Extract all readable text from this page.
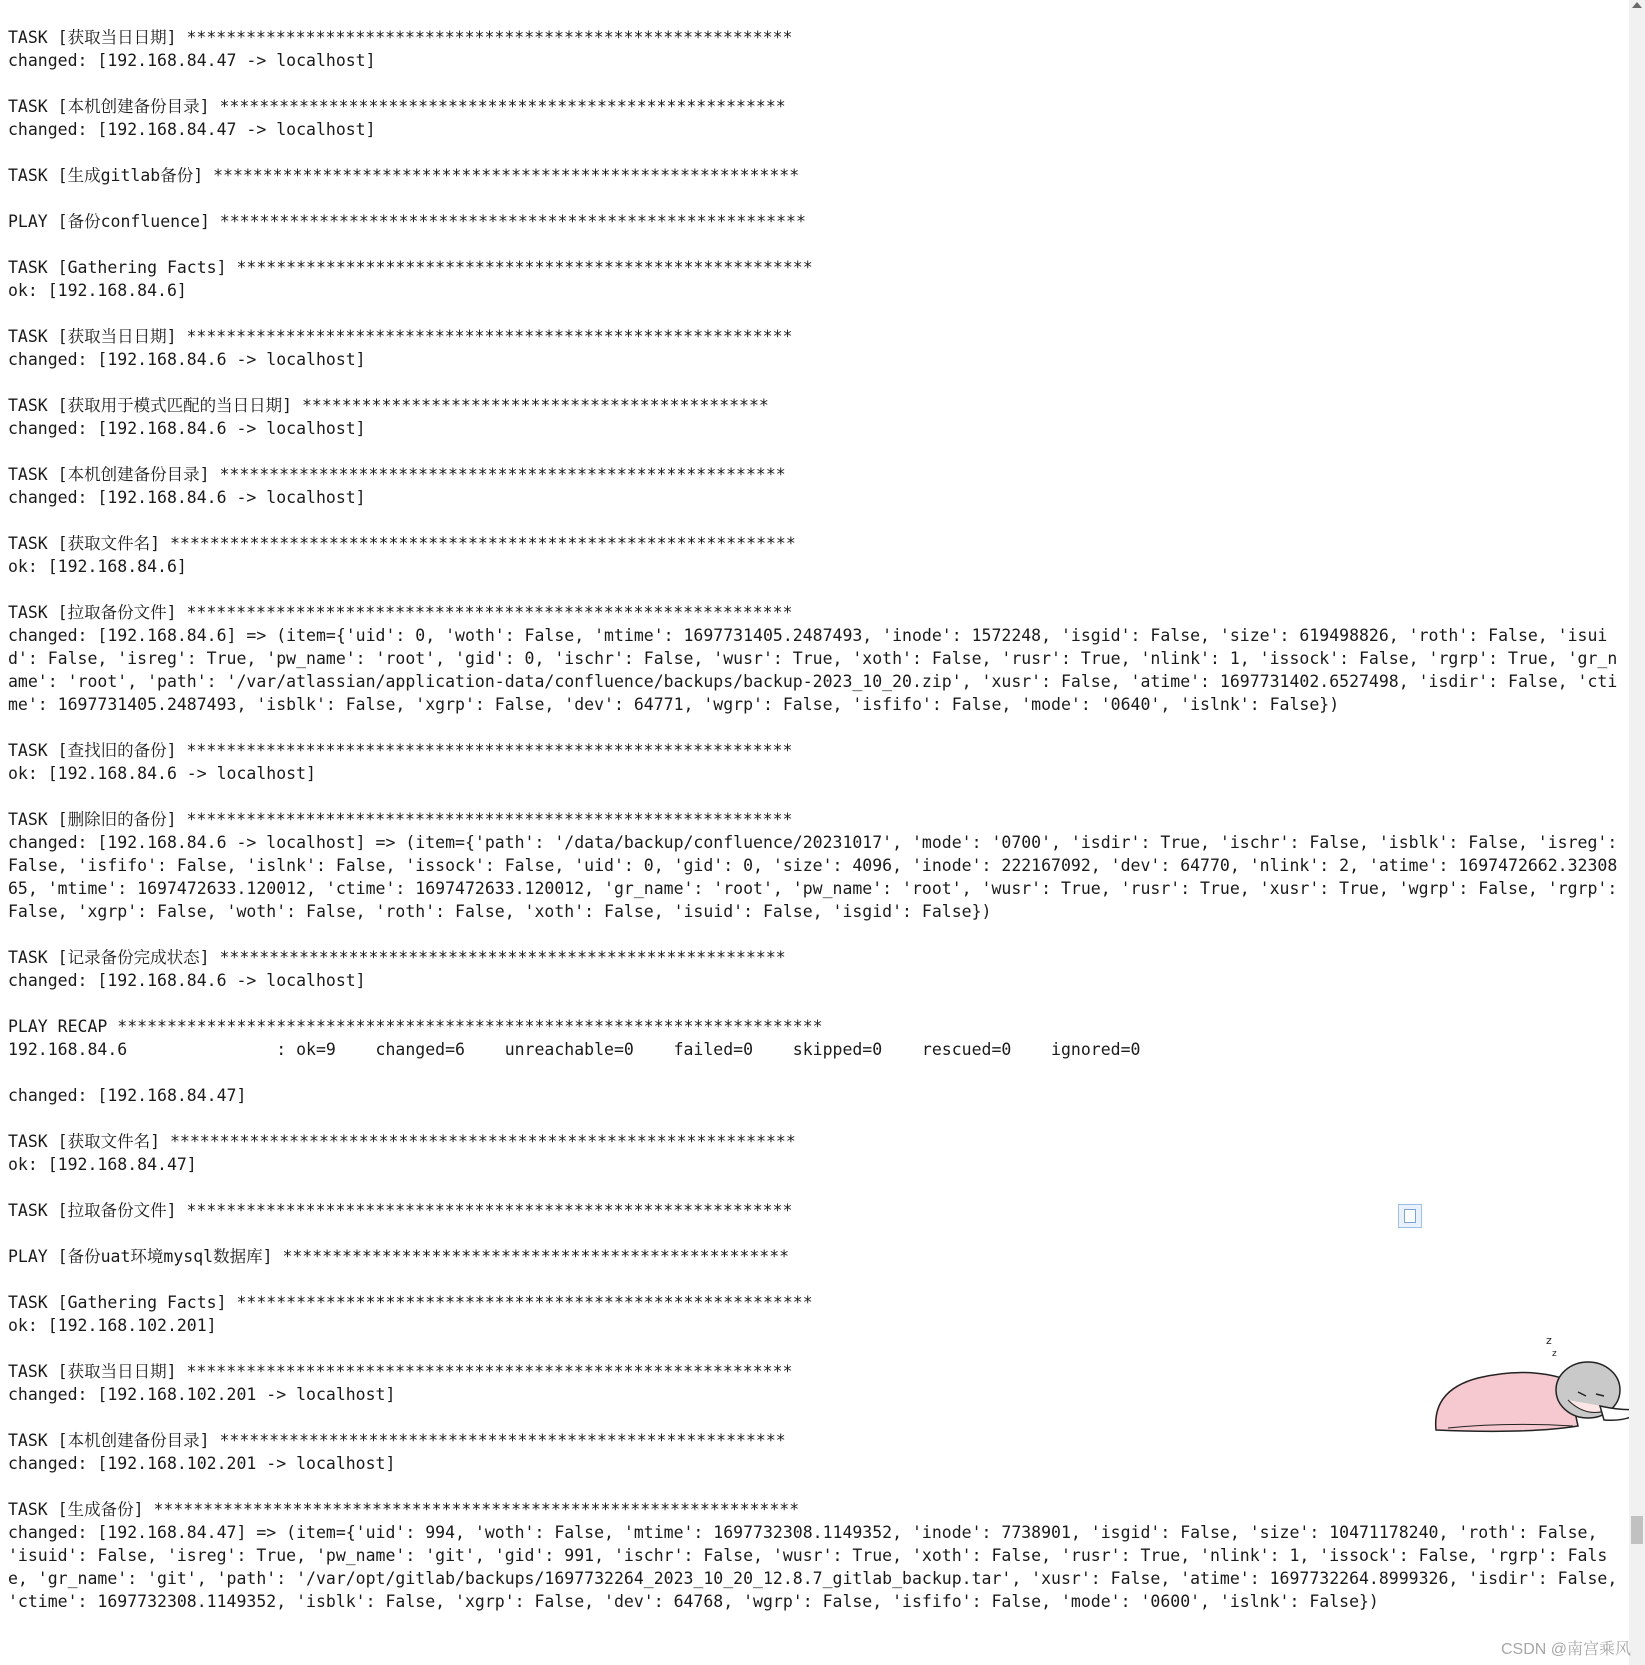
TASK [获取当日日期] *************************************************************
changed: [192.168.84.47 -> localhost]
TASK [本机创建备份目录] *********************************************************
changed: [192.168.84.47 -> localhost]
TASK [生成gitlab备份] ***********************************************************
PLAY [备份confluence] ***********************************************************
TASK [Gathering Facts] **********************************************************
ok: [192.168.84.6]
TASK [获取当日日期] *************************************************************
changed: [192.168.84.6 -> localhost]
TASK [获取用于模式匹配的当日日期] ***********************************************
changed: [192.168.84.6 -> localhost]
TASK [本机创建备份目录] *********************************************************
changed: [192.168.84.6 -> localhost]
TASK [获取文件名] ***************************************************************
ok: [192.168.84.6]
TASK [拉取备份文件] *************************************************************
changed: [192.168.84.6] => (item={'uid': 0, 'woth': False, 'mtime': 1697731405.2487493, 'inode': 1572248, 'isgid': False, 'size': 619498826, 'roth': False, 'isuid': False, 'isreg': True, 'pw_name': 'root', 'gid': 0, 'ischr': False, 'wusr': True, 'xoth': False, 'rusr': True, 'nlink': 1, 'issock': False, 'rgrp': True, 'gr_name': 'root', 'path': '/var/atlassian/application-data/confluence/backups/backup-2023_10_20.zip', 'xusr': False, 'atime': 1697731402.6527498, 'isdir': False, 'ctime': 1697731405.2487493, 'isblk': False, 'xgrp': False, 'dev': 64771, 'wgrp': False, 'isfifo': False, 'mode': '0640', 'islnk': False})
TASK [查找旧的备份] *************************************************************
ok: [192.168.84.6 -> localhost]
TASK [删除旧的备份] *************************************************************
changed: [192.168.84.6 -> localhost] => (item={'path': '/data/backup/confluence/20231017', 'mode': '0700', 'isdir': True, 'ischr': False, 'isblk': False, 'isreg': False, 'isfifo': False, 'islnk': False, 'issock': False, 'uid': 0, 'gid': 0, 'size': 4096, 'inode': 222167092, 'dev': 64770, 'nlink': 2, 'atime': 1697472662.3230865, 'mtime': 1697472633.120012, 'ctime': 1697472633.120012, 'gr_name': 'root', 'pw_name': 'root', 'wusr': True, 'rusr': True, 'xusr': True, 'wgrp': False, 'rgrp': False, 'xgrp': False, 'woth': False, 'roth': False, 'xoth': False, 'isuid': False, 'isgid': False})
TASK [记录备份完成状态] *********************************************************
changed: [192.168.84.6 -> localhost]
PLAY RECAP ***********************************************************************
192.168.84.6               : ok=9    changed=6    unreachable=0    failed=0    skipped=0    rescued=0    ignored=0
changed: [192.168.84.47]
TASK [获取文件名] ***************************************************************
ok: [192.168.84.47]
TASK [拉取备份文件] *************************************************************
PLAY [备份uat环境mysql数据库] ***************************************************
TASK [Gathering Facts] **********************************************************
ok: [192.168.102.201]
TASK [获取当日日期] *************************************************************
changed: [192.168.102.201 -> localhost]
TASK [本机创建备份目录] *********************************************************
changed: [192.168.102.201 -> localhost]
TASK [生成备份] *****************************************************************
changed: [192.168.84.47] => (item={'uid': 994, 'woth': False, 'mtime': 1697732308.1149352, 'inode': 7738901, 'isgid': False, 'size': 10471178240, 'roth': False, 'isuid': False, 'isreg': True, 'pw_name': 'git', 'gid': 991, 'ischr': False, 'wusr': True, 'xoth': False, 'rusr': True, 'nlink': 1, 'issock': False, 'rgrp': False, 'gr_name': 'git', 'path': '/var/opt/gitlab/backups/1697732264_2023_10_20_12.8.7_gitlab_backup.tar', 'xusr': False, 'atime': 1697732264.8999326, 'isdir': False, 'ctime': 1697732308.1149352, 'isblk': False, 'xgrp': False, 'dev': 64768, 'wgrp': False, 'isfifo': False, 'mode': '0600', 'islnk': False})
z
z
CSDN @南宫乘风
